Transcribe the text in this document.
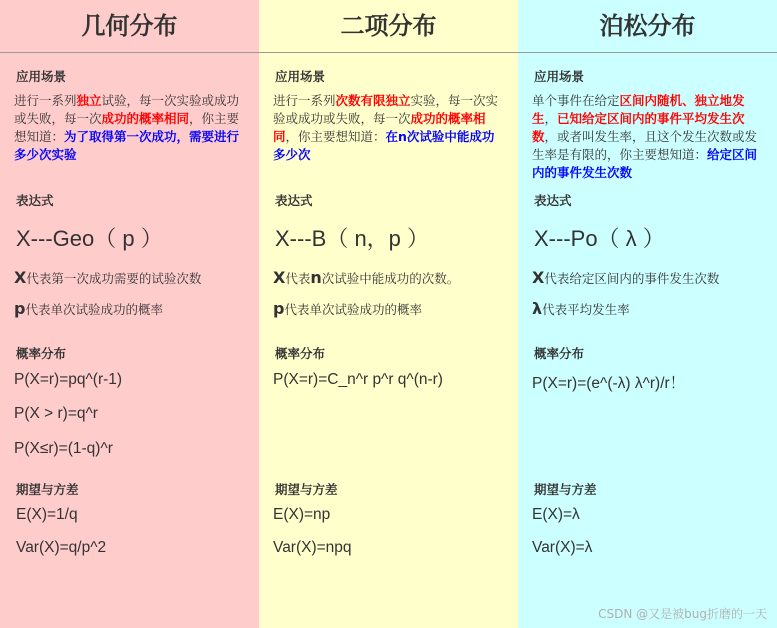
几何分布
应用场景
进行一系列独立试验，每一次实验或成功或失败，每一次成功的概率相同，你主要想知道：为了取得第一次成功，需要进行多少次实验
表达式
X---Geo（ p ）
X代表第一次成功需要的试验次数
p代表单次试验成功的概率
概率分布
P(X=r)=pq^(r-1)
P(X > r)=q^r
P(X≤r)=(1-q)^r
期望与方差
E(X)=1/q
Var(X)=q/p^2
二项分布
应用场景
进行一系列次数有限独立实验，每一次实验或成功或失败，每一次成功的概率相同，你主要想知道：在n次试验中能成功多少次
表达式
X---B（ n，p ）
X代表n次试验中能成功的次数。
p代表单次试验成功的概率
概率分布
P(X=r)=C_n^r p^r q^(n-r)
期望与方差
E(X)=np
Var(X)=npq
泊松分布
应用场景
单个事件在给定区间内随机、独立地发生，已知给定区间内的事件平均发生次数，或者叫发生率，且这个发生次数或发生率是有限的，你主要想知道：给定区间内的事件发生次数
表达式
X---Po（ λ ）
X代表给定区间内的事件发生次数
λ代表平均发生率
概率分布
P(X=r)=(e^(-λ) λ^r)/r！
期望与方差
E(X)=λ
Var(X)=λ
CSDN @又是被bug折磨的一天
